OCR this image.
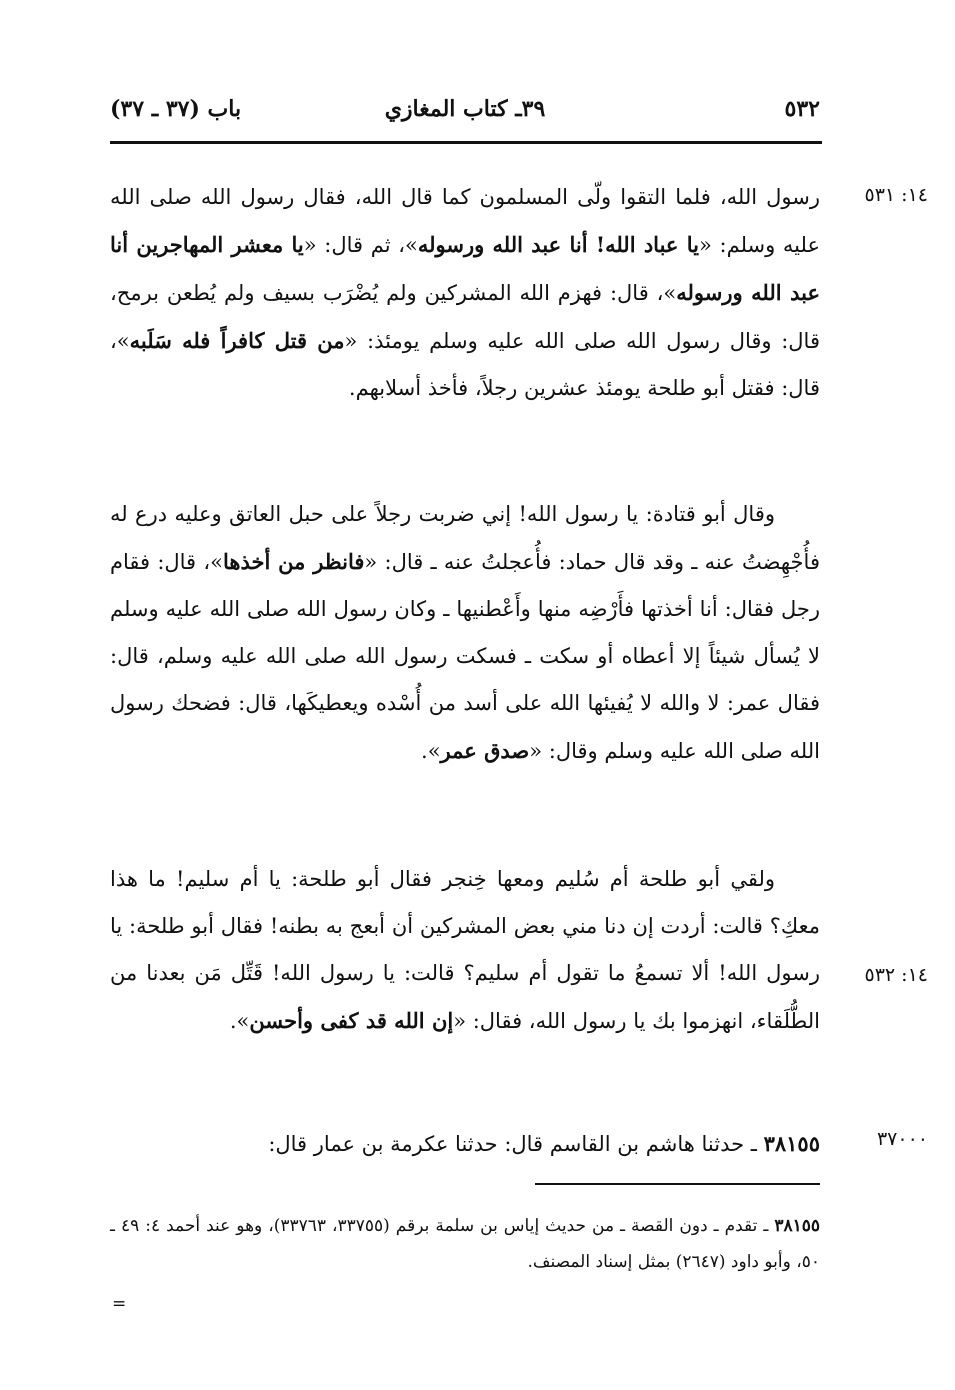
٥٣٢
٣٩ـ كتاب المغازي
باب (٣٧ ـ ٣٧)
١٤: ٥٣١
١٤: ٥٣٢
٣٧٠٠٠
رسول الله، فلما التقوا ولّى المسلمون كما قال الله، فقال رسول الله صلى الله عليه وسلم: «يا عباد الله! أنا عبد الله ورسوله»، ثم قال: «يا معشر المهاجرين أنا عبد الله ورسوله»، قال: فهزم الله المشركين ولم يُضْرَب بسيف ولم يُطعن برمح، قال: وقال رسول الله صلى الله عليه وسلم يومئذ: «من قتل كافراً فله سَلَبه»، قال: فقتل أبو طلحة يومئذ عشرين رجلاً، فأخذ أسلابهم.
وقال أبو قتادة: يا رسول الله! إني ضربت رجلاً على حبل العاتق وعليه درع له فأُجْهِضتُ عنه ـ وقد قال حماد: فأُعجلتُ عنه ـ قال: «فانظر من أخذها»، قال: فقام رجل فقال: أنا أخذتها فأَرْضِه منها وأَعْطنيها ـ وكان رسول الله صلى الله عليه وسلم لا يُسأل شيئاً إلا أعطاه أو سكت ـ فسكت رسول الله صلى الله عليه وسلم، قال: فقال عمر: لا والله لا يُفيئها الله على أسد من أُسْده ويعطيكَها، قال: فضحك رسول الله صلى الله عليه وسلم وقال: «صدق عمر».
ولقي أبو طلحة أم سُليم ومعها خِنجر فقال أبو طلحة: يا أم سليم! ما هذا معكِ؟ قالت: أردت إن دنا مني بعض المشركين أن أبعج به بطنه! فقال أبو طلحة: يا رسول الله! ألا تسمعُ ما تقول أم سليم؟ قالت: يا رسول الله! قَتِّل مَن بعدنا من الطُّلَقاء، انهزموا بك يا رسول الله، فقال: «إن الله قد كفى وأحسن».
٣٨١٥٥ ـ حدثنا هاشم بن القاسم قال: حدثنا عكرمة بن عمار قال:
٣٨١٥٥ ـ تقدم ـ دون القصة ـ من حديث إياس بن سلمة برقم (٣٣٧٥٥، ٣٣٧٦٣)، وهو عند أحمد ٤: ٤٩ ـ ٥٠، وأبو داود (٢٦٤٧) بمثل إسناد المصنف.
=
